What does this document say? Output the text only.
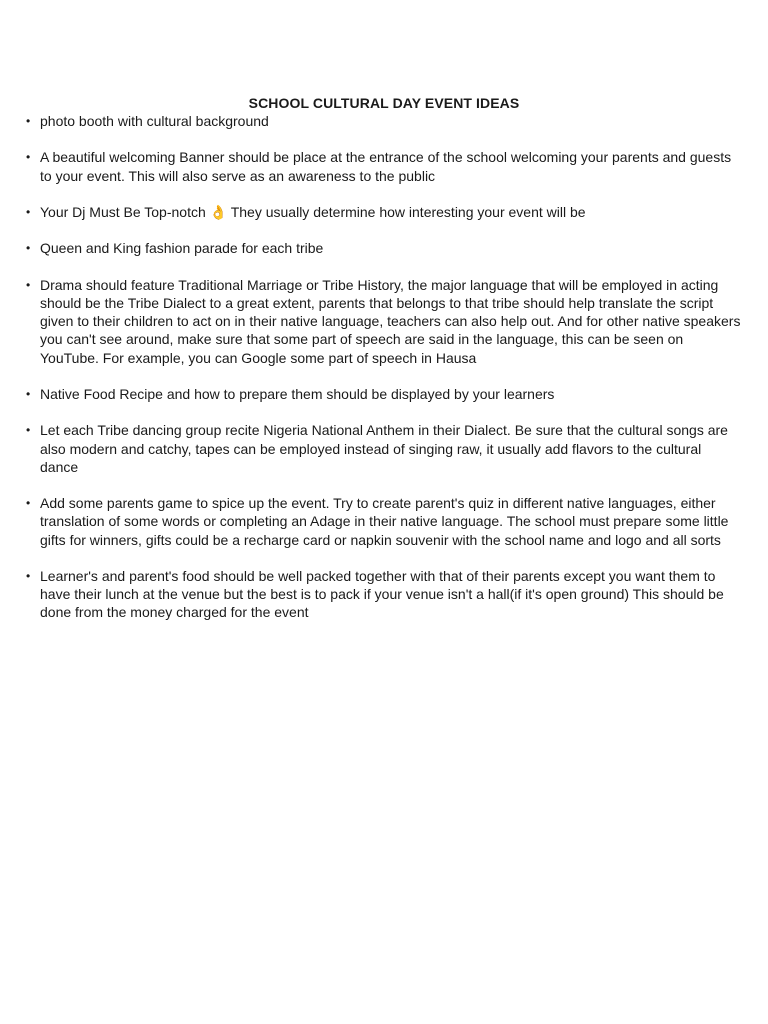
SCHOOL CULTURAL DAY EVENT IDEAS
• photo booth with cultural background
• A beautiful welcoming Banner should be place at the entrance of the school welcoming your parents and guests to your event. This will also serve as an awareness to the public
• Your Dj Must Be Top-notch 👌 They usually determine how interesting your event will be
• Queen and King fashion parade for each tribe
• Drama should feature Traditional Marriage or Tribe History, the major language that will be employed in acting should be the Tribe Dialect to a great extent, parents that belongs to that tribe should help translate the script given to their children to act on in their native language, teachers can also help out. And for other native speakers you can't see around, make sure that some part of speech are said in the language, this can be seen on YouTube. For example, you can Google some part of speech in Hausa
• Native Food Recipe and how to prepare them should be displayed by your learners
• Let each Tribe dancing group recite Nigeria National Anthem in their Dialect. Be sure that the cultural songs are also modern and catchy, tapes can be employed instead of singing raw, it usually add flavors to the cultural dance
• Add some parents game to spice up the event. Try to create parent's quiz in different native languages, either translation of some words or completing an Adage in their native language. The school must prepare some little gifts for winners, gifts could be a recharge card or napkin souvenir with the school name and logo and all sorts
• Learner's and parent's food should be well packed together with that of their parents except you want them to have their lunch at the venue but the best is to pack if your venue isn't a hall(if it's open ground) This should be done from the money charged for the event
